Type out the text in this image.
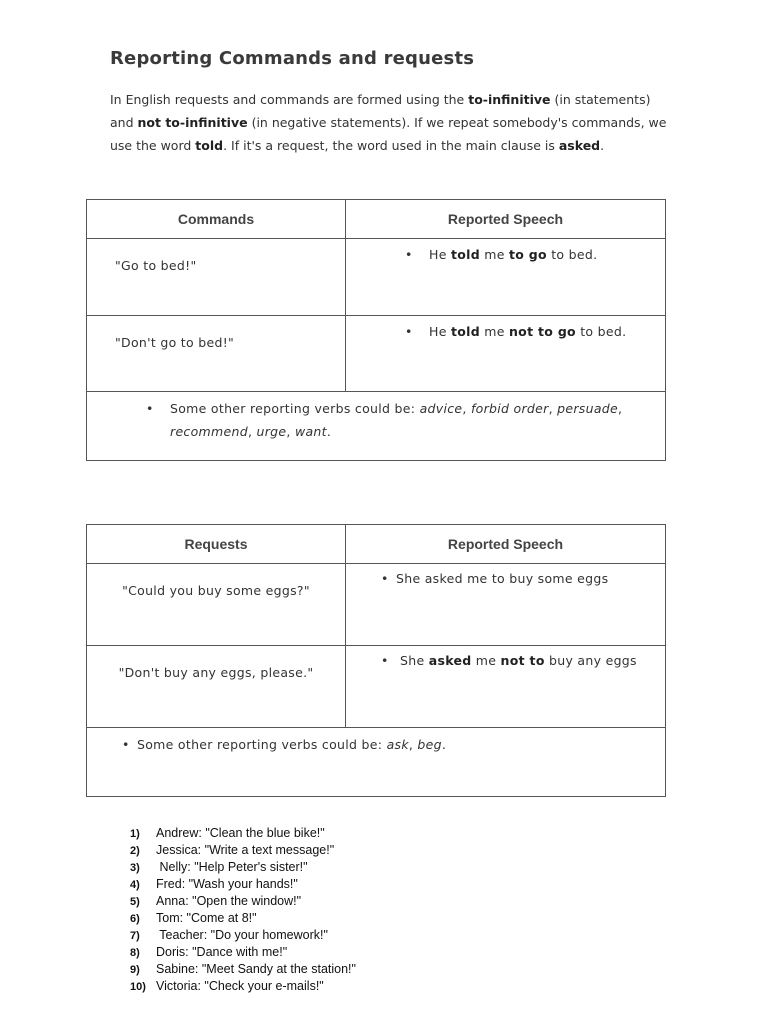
Reporting Commands and requests

In English requests and commands are formed using the to-infinitive (in statements) and not to-infinitive (in negative statements). If we repeat somebody's commands, we use the word told. If it's a request, the word used in the main clause is asked.

Commands	Reported Speech

"Go to bed!"	• He told me to go to bed.

"Don't go to bed!"	• He told me not to go to bed.

• Some other reporting verbs could be: advice, forbid order, persuade, recommend, urge, want.	
Requests	Reported Speech

"Could you buy some eggs?"	• She asked me to buy some eggs

"Don't buy any eggs, please."	• She asked me not to buy any eggs

• Some other reporting verbs could be: ask, beg.	
1) Andrew: "Clean the blue bike!"
2) Jessica: "Write a text message!"
3) Nelly: "Help Peter's sister!"
4) Fred: "Wash your hands!"
5) Anna: "Open the window!"
6) Tom: "Come at 8!"
7) Teacher: "Do your homework!"
8) Doris: "Dance with me!"
9) Sabine: "Meet Sandy at the station!"
10) Victoria: "Check your e-mails!"
